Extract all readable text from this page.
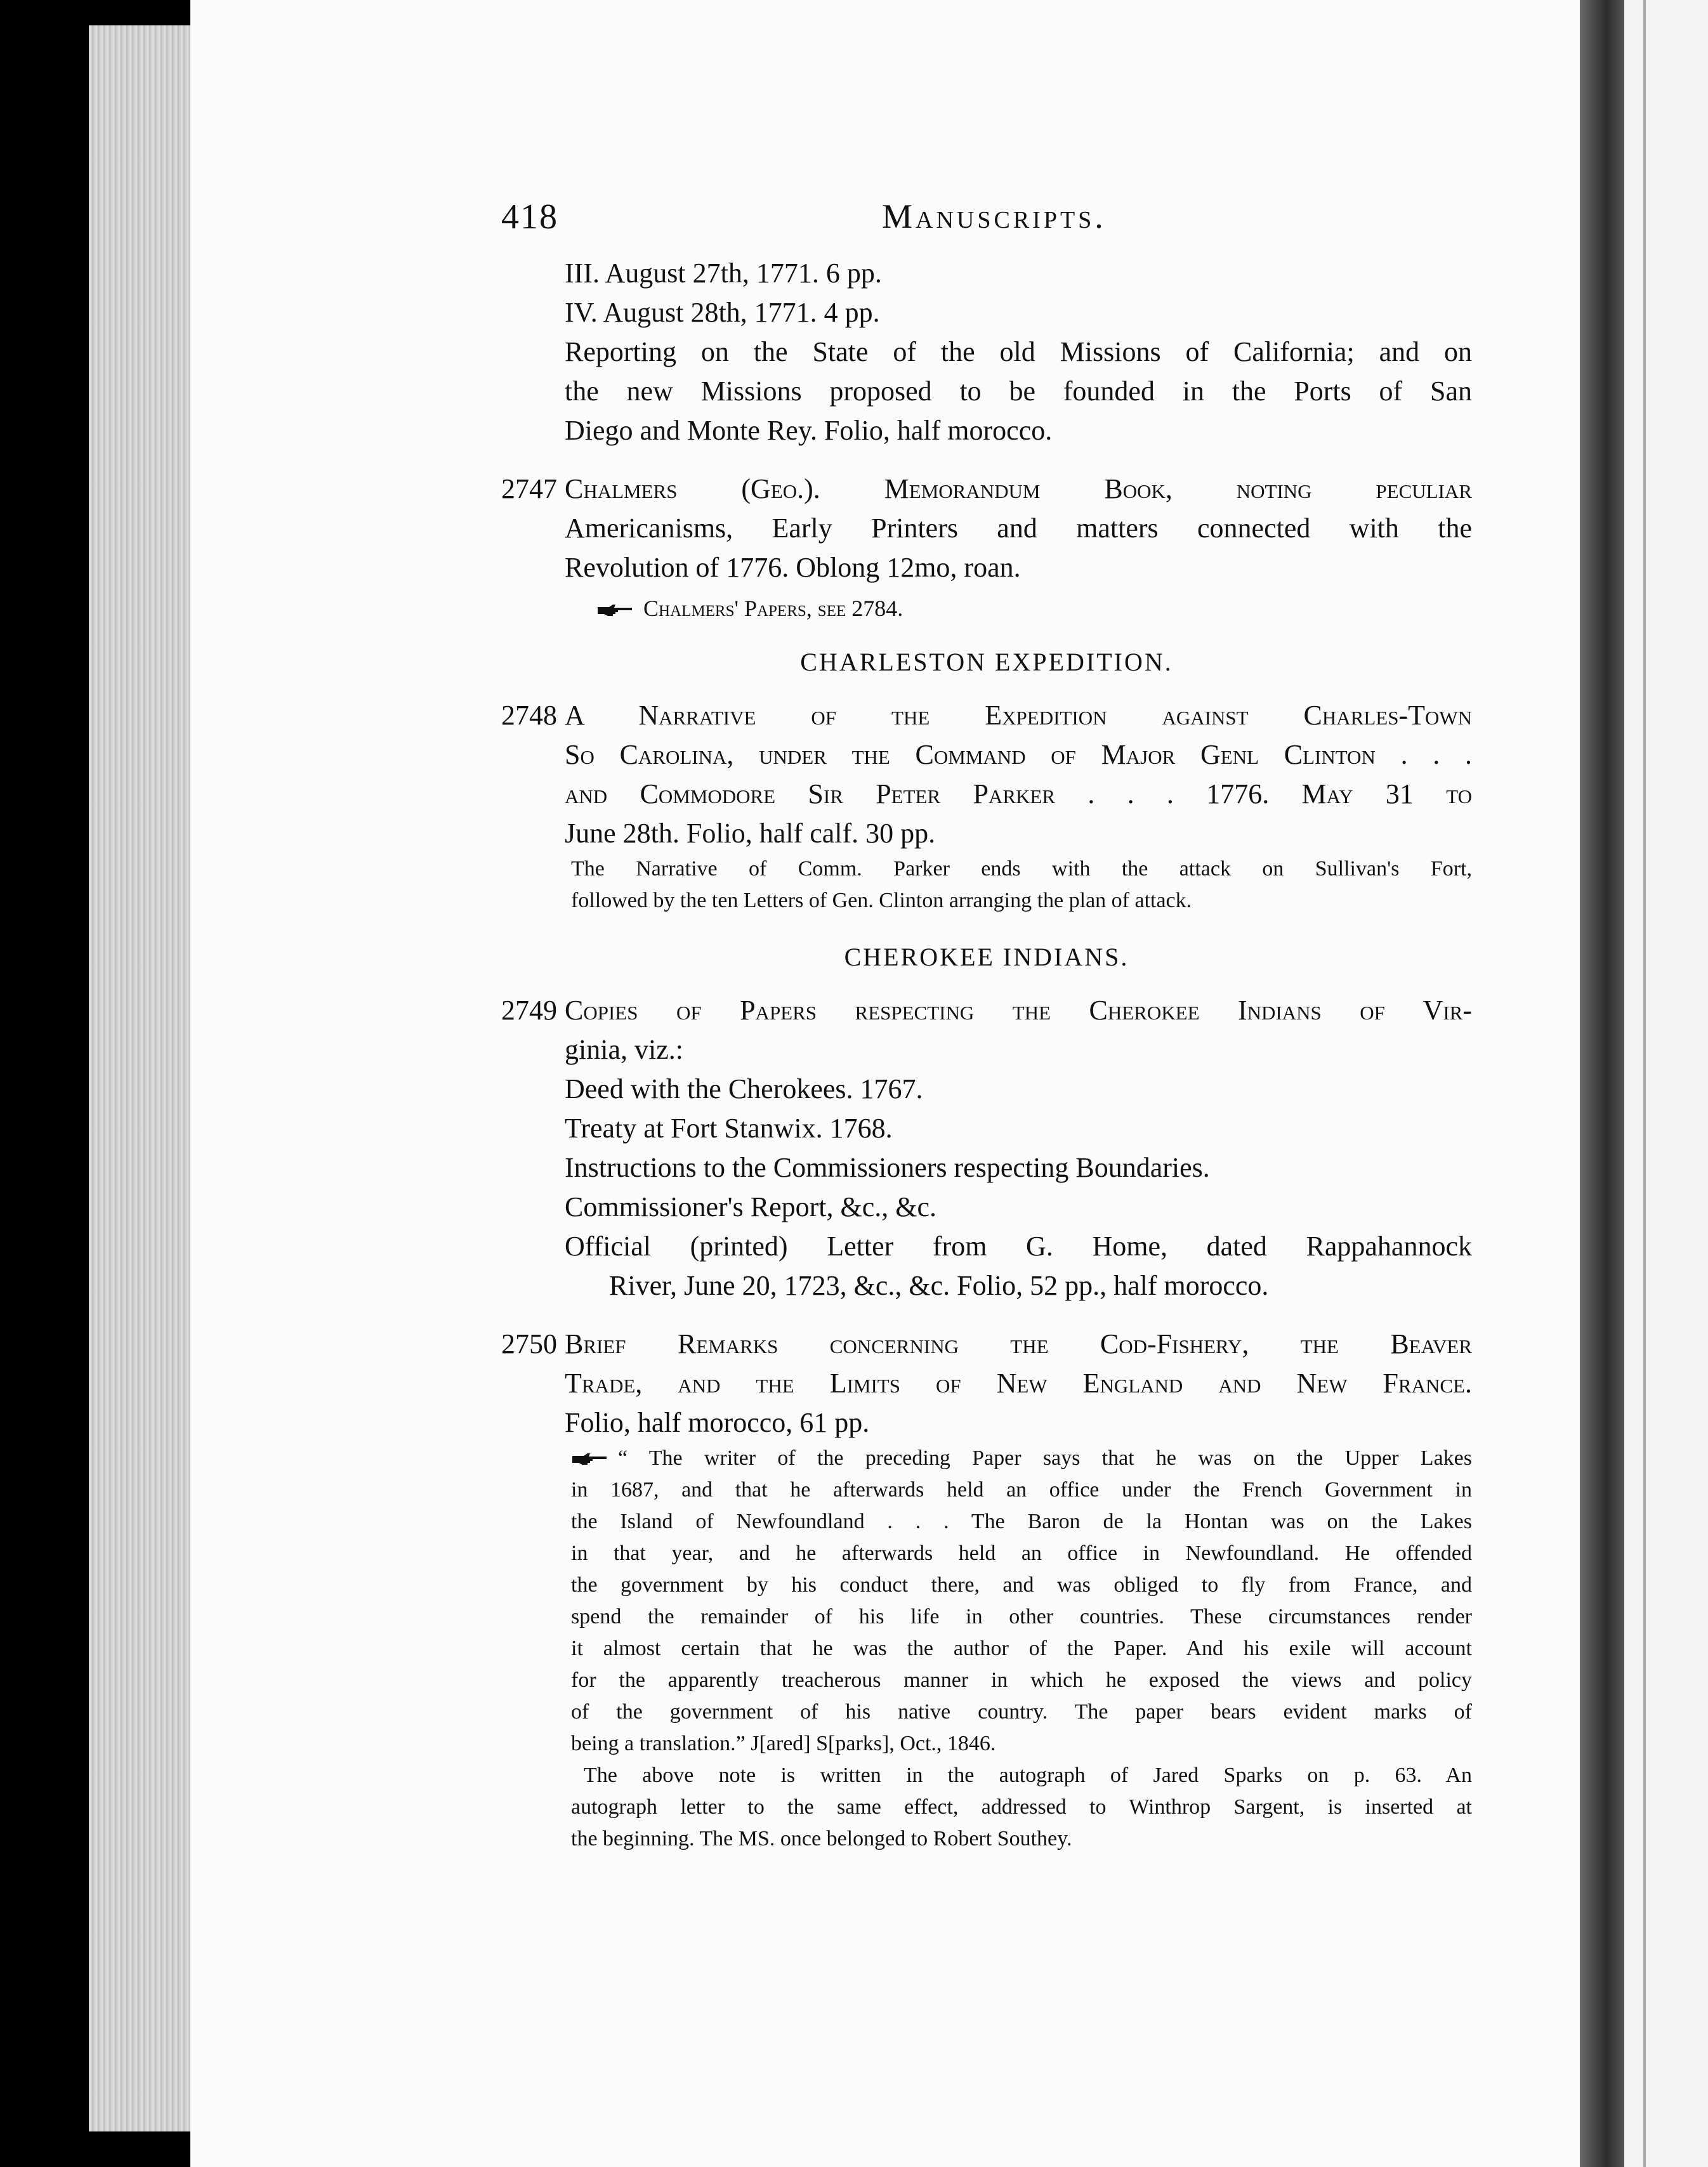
418	Manuscripts.
III. August 27th, 1771. 6 pp.
IV. August 28th, 1771. 4 pp.
Reporting on the State of the old Missions of California; and on
the new Missions proposed to be founded in the Ports of San
Diego and Monte Rey. Folio, half morocco.
2747 Chalmers (Geo.). Memorandum Book, noting peculiar
Americanisms, Early Printers and matters connected with the
Revolution of 1776. Oblong 12mo, roan.
Chalmers' Papers, see 2784.
CHARLESTON EXPEDITION.
2748 A Narrative of the Expedition against Charles-Town
So Carolina, under the Command of Major Genl Clinton . . .
and Commodore Sir Peter Parker . . . 1776. May 31 to
June 28th. Folio, half calf. 30 pp.
The Narrative of Comm. Parker ends with the attack on Sullivan's Fort,
followed by the ten Letters of Gen. Clinton arranging the plan of attack.
CHEROKEE INDIANS.
2749 Copies of Papers respecting the Cherokee Indians of Vir-
ginia, viz.:
Deed with the Cherokees. 1767.
Treaty at Fort Stanwix. 1768.
Instructions to the Commissioners respecting Boundaries.
Commissioner's Report, &c., &c.
Official (printed) Letter from G. Home, dated Rappahannock
River, June 20, 1723, &c., &c. Folio, 52 pp., half morocco.
2750 Brief Remarks concerning the Cod-Fishery, the Beaver
Trade, and the Limits of New England and New France.
Folio, half morocco, 61 pp.
“ The writer of the preceding Paper says that he was on the Upper Lakes
in 1687, and that he afterwards held an office under the French Government in
the Island of Newfoundland . . . The Baron de la Hontan was on the Lakes
in that year, and he afterwards held an office in Newfoundland. He offended
the government by his conduct there, and was obliged to fly from France, and
spend the remainder of his life in other countries. These circumstances render
it almost certain that he was the author of the Paper. And his exile will account
for the apparently treacherous manner in which he exposed the views and policy
of the government of his native country. The paper bears evident marks of
being a translation.” J[ared] S[parks], Oct., 1846.
The above note is written in the autograph of Jared Sparks on p. 63. An
autograph letter to the same effect, addressed to Winthrop Sargent, is inserted at
the beginning. The MS. once belonged to Robert Southey.
